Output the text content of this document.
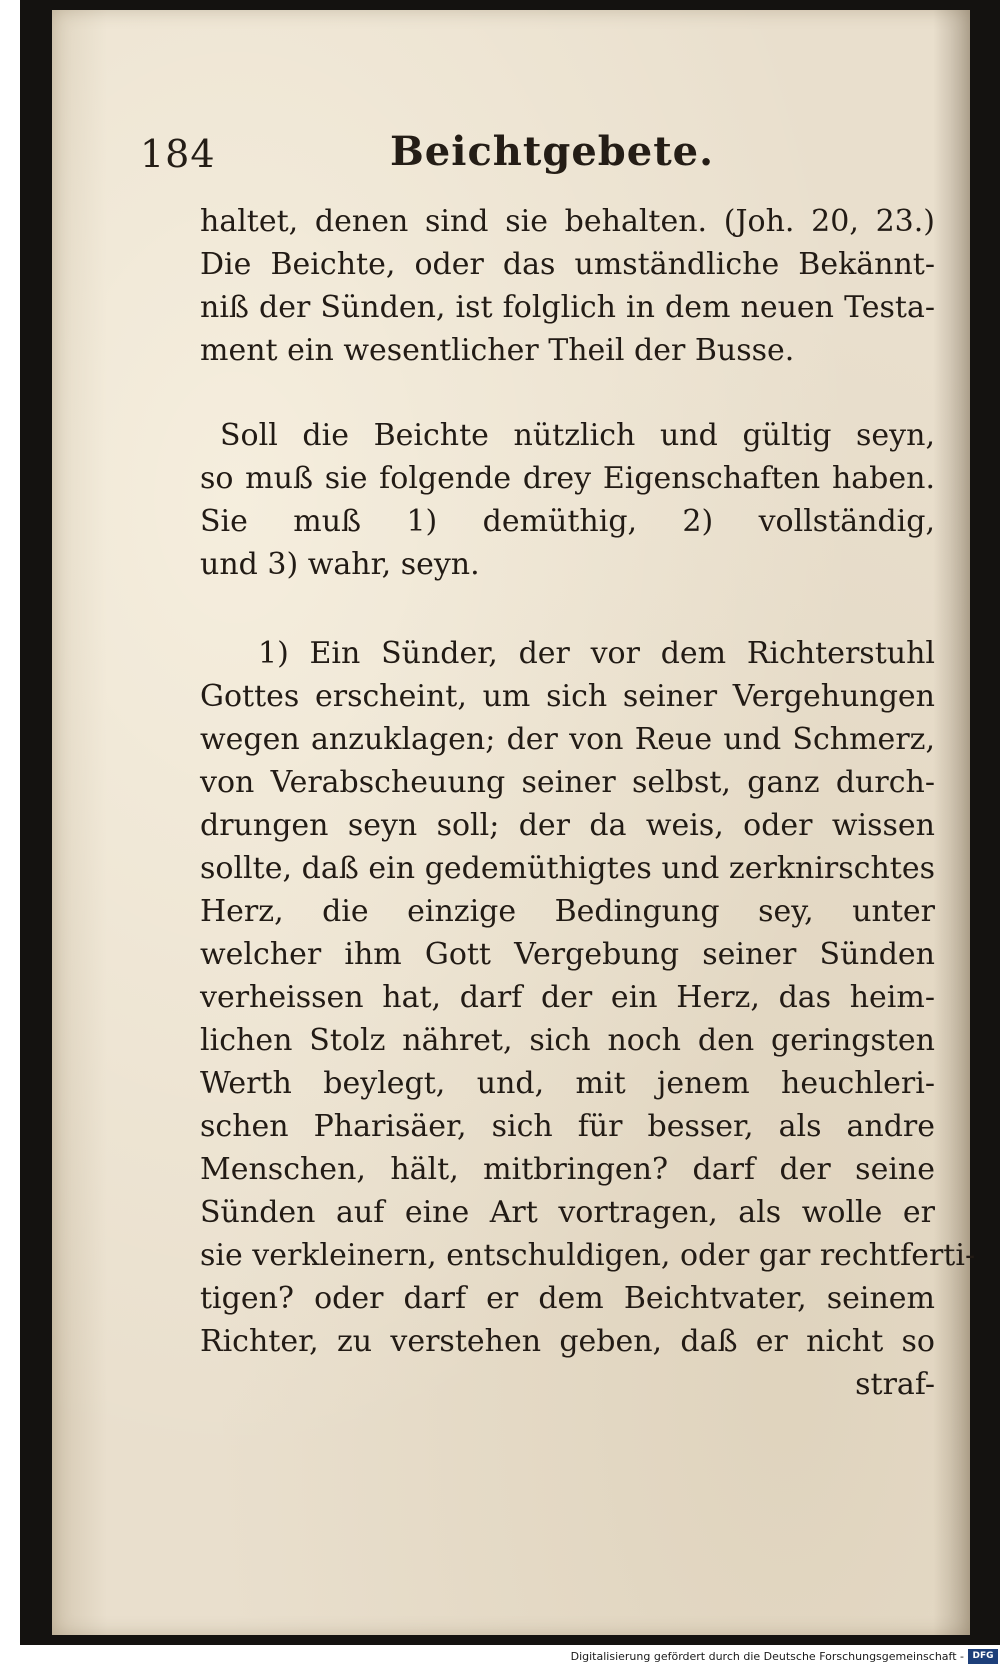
184	Beichtgebete.
haltet, denen sind sie behalten. (Joh. 20, 23.)
Die Beichte, oder das umständliche Bekännt-
niß der Sünden, ist folglich in dem neuen Testa-
ment ein wesentlicher Theil der Busse.
Soll die Beichte nützlich und gültig seyn,
so muß sie folgende drey Eigenschaften haben.
Sie muß 1) demüthig, 2) vollständig,
und 3) wahr, seyn.
1) Ein Sünder, der vor dem Richterstuhl
Gottes erscheint, um sich seiner Vergehungen
wegen anzuklagen; der von Reue und Schmerz,
von Verabscheuung seiner selbst, ganz durch-
drungen seyn soll; der da weis, oder wissen
sollte, daß ein gedemüthigtes und zerknirschtes
Herz, die einzige Bedingung sey, unter
welcher ihm Gott Vergebung seiner Sünden
verheissen hat, darf der ein Herz, das heim-
lichen Stolz nähret, sich noch den geringsten
Werth beylegt, und, mit jenem heuchleri-
schen Pharisäer, sich für besser, als andre
Menschen, hält, mitbringen? darf der seine
Sünden auf eine Art vortragen, als wolle er
sie verkleinern, entschuldigen, oder gar rechtferti-
tigen? oder darf er dem Beichtvater, seinem
Richter, zu verstehen geben, daß er nicht so
straf-
Digitalisierung gefördert durch die Deutsche Forschungsgemeinschaft - DFG
